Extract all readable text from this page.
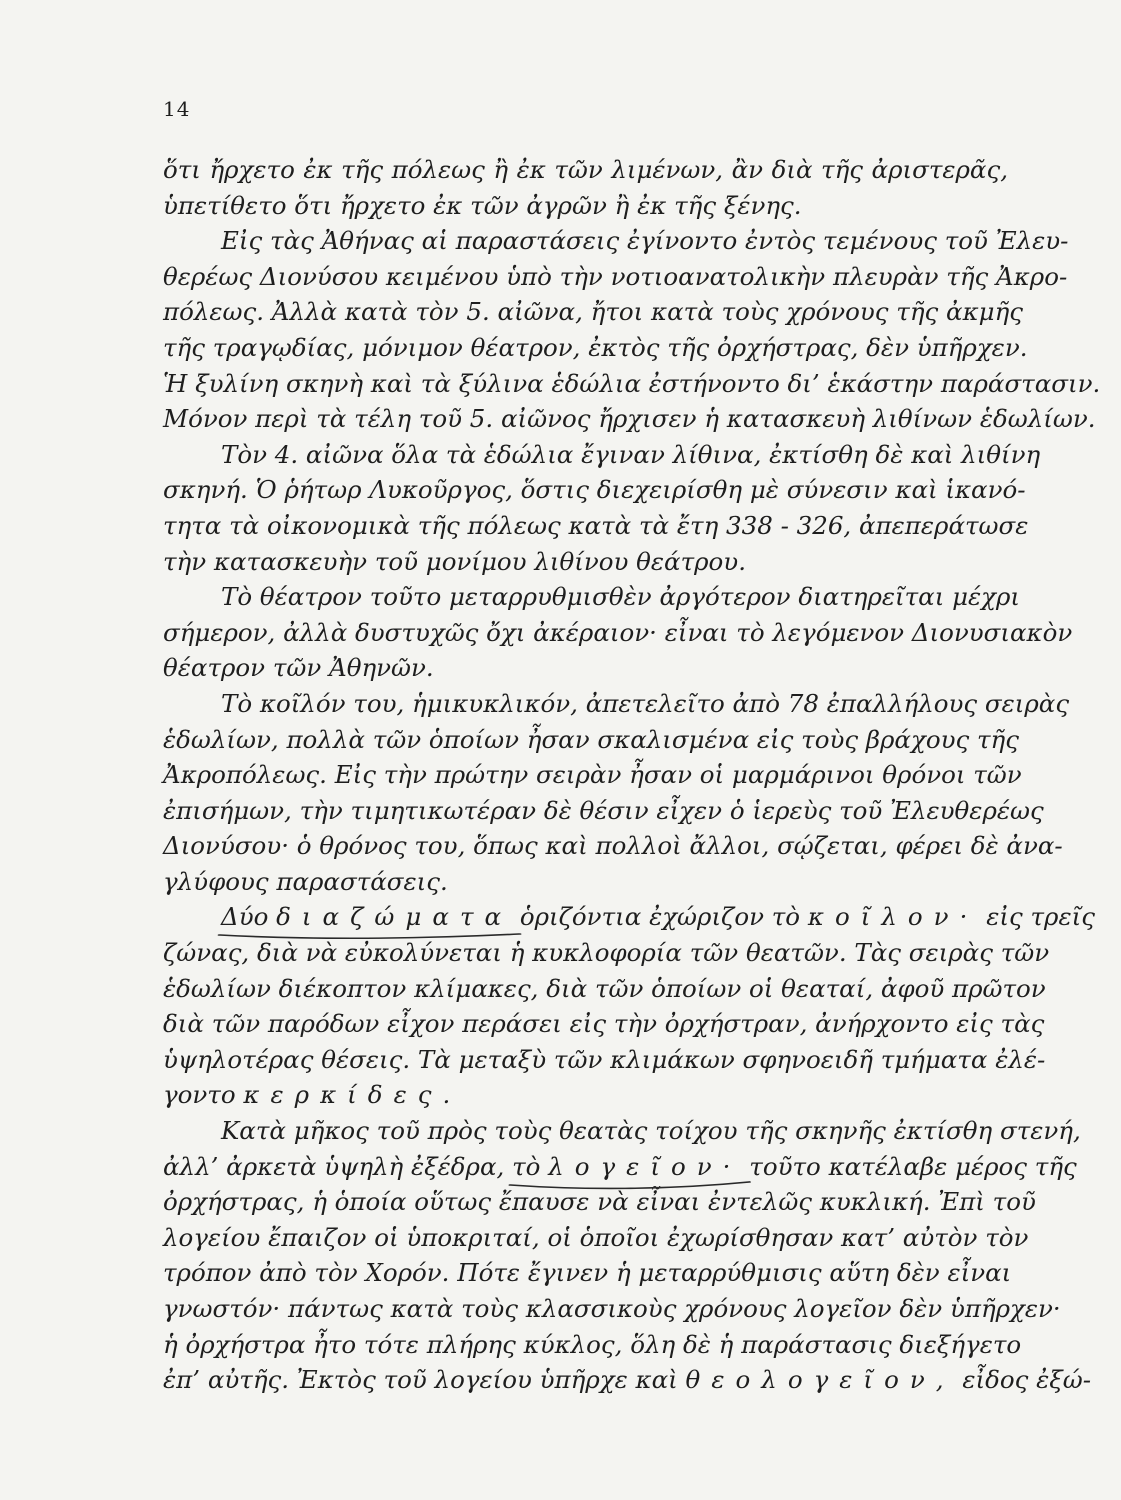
14

ὅτι ἤρχετο ἐκ τῆς πόλεως ἢ ἐκ τῶν λιμένων, ἂν διὰ τῆς ἀριστερᾶς,

ὑπετίθετο ὅτι ἤρχετο ἐκ τῶν ἀγρῶν ἢ ἐκ τῆς ξένης.

Εἰς τὰς Ἀθήνας αἱ παραστάσεις ἐγίνοντο ἐντὸς τεμένους τοῦ Ἐλευ-

θερέως Διονύσου κειμένου ὑπὸ τὴν νοτιοανατολικὴν πλευρὰν τῆς Ἀκρο-

πόλεως. Ἀλλὰ κατὰ τὸν 5. αἰῶνα, ἤτοι κατὰ τοὺς χρόνους τῆς ἀκμῆς

τῆς τραγῳδίας, μόνιμον θέατρον, ἐκτὸς τῆς ὀρχήστρας, δὲν ὑπῆρχεν.

Ἡ ξυλίνη σκηνὴ καὶ τὰ ξύλινα ἑδώλια ἐστήνοντο δι’ ἑκάστην παράστασιν.

Μόνον περὶ τὰ τέλη τοῦ 5. αἰῶνος ἤρχισεν ἡ κατασκευὴ λιθίνων ἑδωλίων.

Τὸν 4. αἰῶνα ὅλα τὰ ἑδώλια ἔγιναν λίθινα, ἐκτίσθη δὲ καὶ λιθίνη

σκηνή. Ὁ ῥήτωρ Λυκοῦργος, ὅστις διεχειρίσθη μὲ σύνεσιν καὶ ἱκανό-

τητα τὰ οἰκονομικὰ τῆς πόλεως κατὰ τὰ ἔτη 338 - 326, ἀπεπεράτωσε

τὴν κατασκευὴν τοῦ μονίμου λιθίνου θεάτρου.

Τὸ θέατρον τοῦτο μεταρρυθμισθὲν ἀργότερον διατηρεῖται μέχρι

σήμερον, ἀλλὰ δυστυχῶς ὄχι ἀκέραιον· εἶναι τὸ λεγόμενον Διονυσιακὸν

θέατρον τῶν Ἀθηνῶν.

Τὸ κοῖλόν του, ἡμικυκλικόν, ἀπετελεῖτο ἀπὸ 78 ἐπαλλήλους σειρὰς

ἑδωλίων, πολλὰ τῶν ὁποίων ἦσαν σκαλισμένα εἰς τοὺς βράχους τῆς

Ἀκροπόλεως. Εἰς τὴν πρώτην σειρὰν ἦσαν οἱ μαρμάρινοι θρόνοι τῶν

ἐπισήμων, τὴν τιμητικωτέραν δὲ θέσιν εἶχεν ὁ ἱερεὺς τοῦ Ἐλευθερέως

Διονύσου· ὁ θρόνος του, ὅπως καὶ πολλοὶ ἄλλοι, σῴζεται, φέρει δὲ ἀνα-

γλύφους παραστάσεις.

Δύο διαζώματα ὁριζόντια ἐχώριζον τὸ κοῖλον· εἰς τρεῖς

ζώνας, διὰ νὰ εὐκολύνεται ἡ κυκλοφορία τῶν θεατῶν. Τὰς σειρὰς τῶν

ἑδωλίων διέκοπτον κλίμακες, διὰ τῶν ὁποίων οἱ θεαταί, ἀφοῦ πρῶτον

διὰ τῶν παρόδων εἶχον περάσει εἰς τὴν ὀρχήστραν, ἀνήρχοντο εἰς τὰς

ὑψηλοτέρας θέσεις. Τὰ μεταξὺ τῶν κλιμάκων σφηνοειδῆ τμήματα ἐλέ-

γοντο κερκίδες.

Κατὰ μῆκος τοῦ πρὸς τοὺς θεατὰς τοίχου τῆς σκηνῆς ἐκτίσθη στενή,

ἀλλ’ ἀρκετὰ ὑψηλὴ ἐξέδρα, τὸ λογεῖον· τοῦτο κατέλαβε μέρος τῆς

ὀρχήστρας, ἡ ὁποία οὕτως ἔπαυσε νὰ εἶναι ἐντελῶς κυκλική. Ἐπὶ τοῦ

λογείου ἔπαιζον οἱ ὑποκριταί, οἱ ὁποῖοι ἐχωρίσθησαν κατ’ αὐτὸν τὸν

τρόπον ἀπὸ τὸν Χορόν. Πότε ἔγινεν ἡ μεταρρύθμισις αὕτη δὲν εἶναι

γνωστόν· πάντως κατὰ τοὺς κλασσικοὺς χρόνους λογεῖον δὲν ὑπῆρχεν·

ἡ ὀρχήστρα ἦτο τότε πλήρης κύκλος, ὅλη δὲ ἡ παράστασις διεξήγετο

ἐπ’ αὐτῆς. Ἐκτὸς τοῦ λογείου ὑπῆρχε καὶ θεολογεῖον, εἶδος ἐξώ-
